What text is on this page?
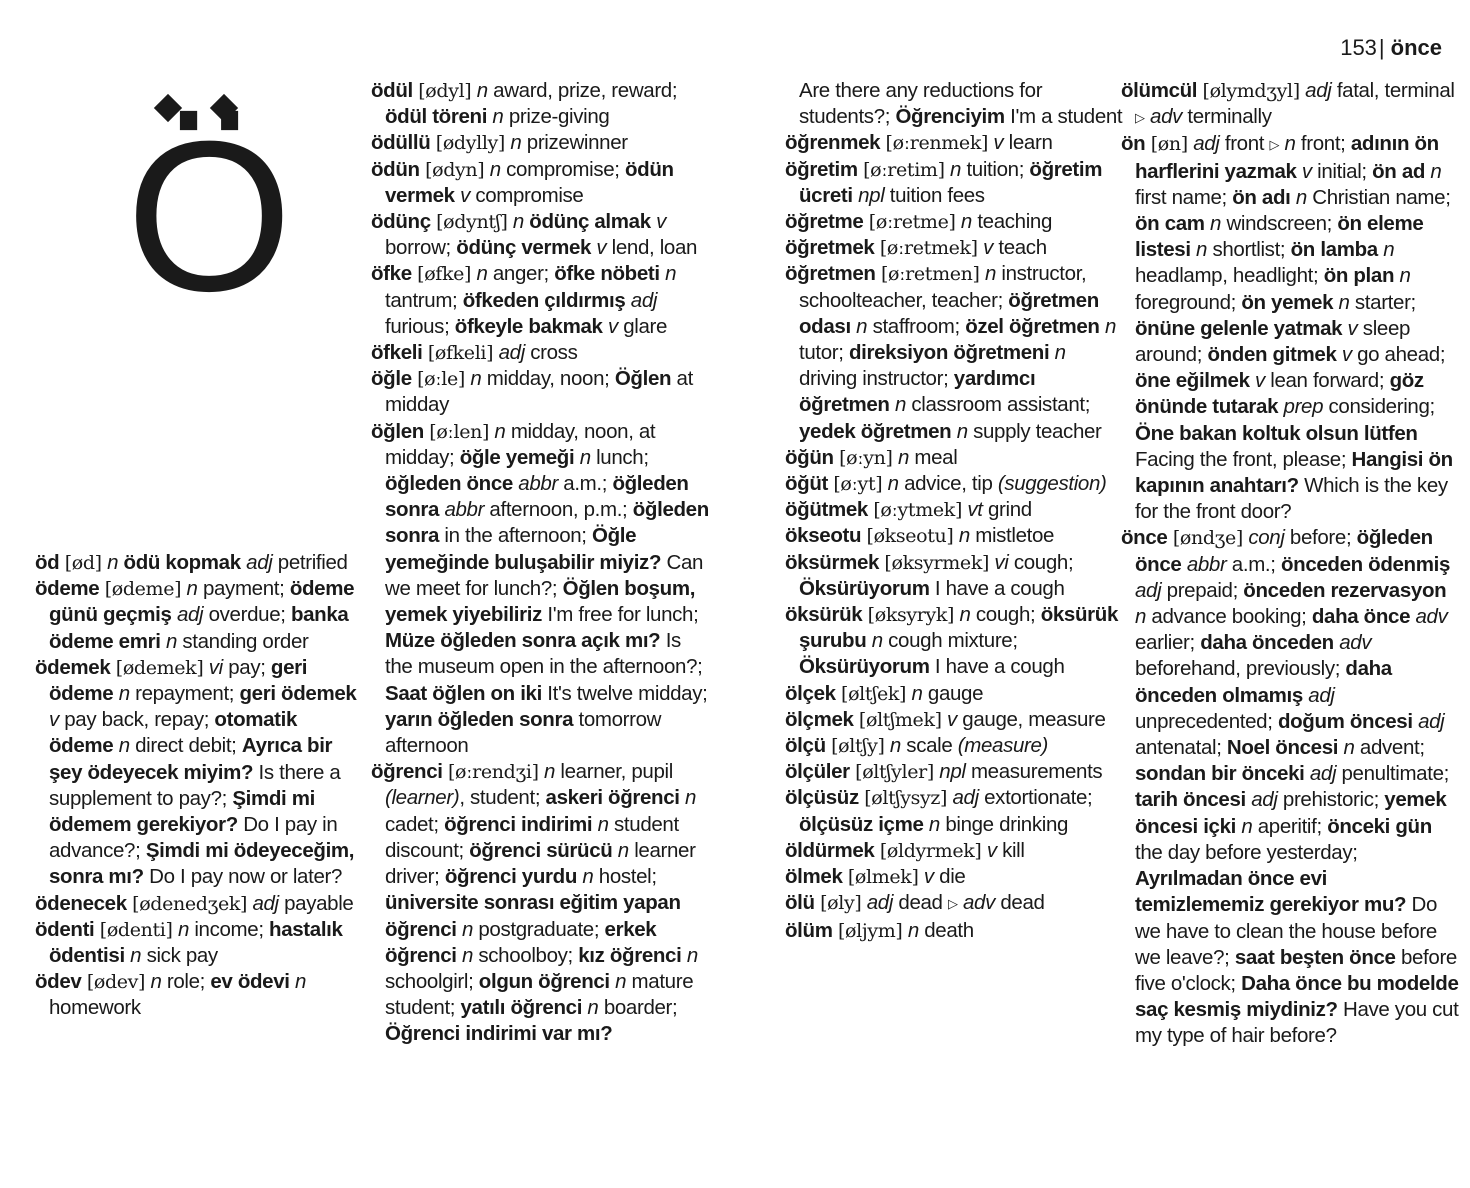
153 | önce
Ö

öd [ød] n ödü kopmak adj petrified

ödeme [ødeme] n payment; ödeme günü geçmiş adj overdue; banka ödeme emri n standing order

ödemek [ødemek] vi pay; geri ödeme n repayment; geri ödemek v pay back, repay; otomatik ödeme n direct debit; Ayrıca bir şey ödeyecek miyim? Is there a supplement to pay?; Şimdi mi ödemem gerekiyor? Do I pay in advance?; Şimdi mi ödeyeceğim, sonra mı? Do I pay now or later?

ödenecek [ødenedʒek] adj payable

ödenti [ødenti] n income; hastalık ödentisi n sick pay

ödev [ødev] n role; ev ödevi n homework

ödül [ødyl] n award, prize, reward; ödül töreni n prize-giving

ödüllü [ødylly] n prizewinner

ödün [ødyn] n compromise; ödün vermek v compromise

ödünç [ødyntʃ] n ödünç almak v borrow; ödünç vermek v lend, loan

öfke [øfke] n anger; öfke nöbeti n tantrum; öfkeden çıldırmış adj furious; öfkeyle bakmak v glare

öfkeli [øfkeli] adj cross

öğle [øːle] n midday, noon; Öğlen at midday

öğlen [øːlen] n midday, noon, at midday; öğle yemeği n lunch; öğleden önce abbr a.m.; öğleden sonra abbr afternoon, p.m.; öğleden sonra in the afternoon; Öğle yemeğinde buluşabilir miyiz? Can we meet for lunch?; Öğlen boşum, yemek yiyebiliriz I'm free for lunch; Müze öğleden sonra açık mı? Is the museum open in the afternoon?; Saat öğlen on iki It's twelve midday; yarın öğleden sonra tomorrow afternoon

öğrenci [øːrendʒi] n learner, pupil (learner), student; askeri öğrenci n cadet; öğrenci indirimi n student discount; öğrenci sürücü n learner driver; öğrenci yurdu n hostel; üniversite sonrası eğitim yapan öğrenci n postgraduate; erkek öğrenci n schoolboy; kız öğrenci n schoolgirl; olgun öğrenci n mature student; yatılı öğrenci n boarder; Öğrenci indirimi var mı?

Are there any reductions for students?; Öğrenciyim I'm a student

öğrenmek [øːrenmek] v learn

öğretim [øːretim] n tuition; öğretim ücreti npl tuition fees

öğretme [øːretme] n teaching

öğretmek [øːretmek] v teach

öğretmen [øːretmen] n instructor, schoolteacher, teacher; öğretmen odası n staffroom; özel öğretmen n tutor; direksiyon öğretmeni n driving instructor; yardımcı öğretmen n classroom assistant; yedek öğretmen n supply teacher

öğün [øːyn] n meal

öğüt [øːyt] n advice, tip (suggestion)

öğütmek [øːytmek] vt grind

ökseotu [økseotu] n mistletoe

öksürmek [øksyrmek] vi cough; Öksürüyorum I have a cough

öksürük [øksyryk] n cough; öksürük şurubu n cough mixture; Öksürüyorum I have a cough

ölçek [øltʃek] n gauge

ölçmek [øltʃmek] v gauge, measure

ölçü [øltʃy] n scale (measure)

ölçüler [øltʃyler] npl measurements

ölçüsüz [øltʃysyz] adj extortionate; ölçüsüz içme n binge drinking

öldürmek [øldyrmek] v kill

ölmek [ølmek] v die

ölü [øly] adj dead ▷ adv dead

ölüm [øljym] n death

ölümcül [ølymdʒyl] adj fatal, terminal ▷ adv terminally

ön [øn] adj front ▷ n front; adının ön harflerini yazmak v initial; ön ad n first name; ön adı n Christian name; ön cam n windscreen; ön eleme listesi n shortlist; ön lamba n headlamp, headlight; ön plan n foreground; ön yemek n starter; önüne gelenle yatmak v sleep around; önden gitmek v go ahead; öne eğilmek v lean forward; göz önünde tutarak prep considering; Öne bakan koltuk olsun lütfen Facing the front, please; Hangisi ön kapının anahtarı? Which is the key for the front door?

önce [øndʒe] conj before; öğleden önce abbr a.m.; önceden ödenmiş adj prepaid; önceden rezervasyon n advance booking; daha önce adv earlier; daha önceden adv beforehand, previously; daha önceden olmamış adj unprecedented; doğum öncesi adj antenatal; Noel öncesi n advent; sondan bir önceki adj penultimate; tarih öncesi adj prehistoric; yemek öncesi içki n aperitif; önceki gün the day before yesterday; Ayrılmadan önce evi temizlememiz gerekiyor mu? Do we have to clean the house before we leave?; saat beşten önce before five o'clock; Daha önce bu modelde saç kesmiş miydiniz? Have you cut my type of hair before?
